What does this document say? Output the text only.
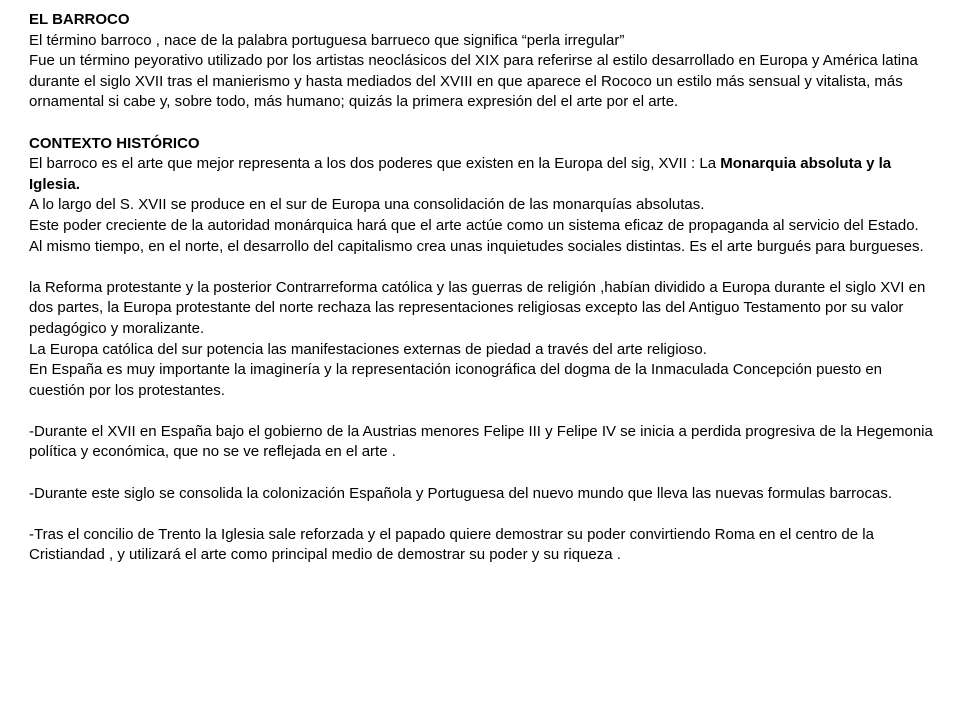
EL BARROCO

El término barroco , nace de la palabra portuguesa barrueco que significa “perla irregular”

Fue un término peyorativo utilizado por los artistas neoclásicos del XIX para referirse al estilo desarrollado en Europa y América latina durante el siglo XVII tras el manierismo y hasta mediados del XVIII en que aparece el Rococo un estilo más sensual y vitalista, más ornamental si cabe y, sobre todo, más humano; quizás la primera expresión del el arte por el arte.

CONTEXTO HISTÓRICO

El barroco es el arte que mejor representa a los dos poderes que existen en la Europa del sig, XVII : La Monarquia absoluta y la Iglesia.

A lo largo del S. XVII se produce en el sur de Europa una consolidación de las monarquías absolutas.

Este poder creciente de la autoridad monárquica hará que el arte actúe como un sistema eficaz de propaganda al servicio del Estado.

Al mismo tiempo, en el norte, el desarrollo del capitalismo crea unas inquietudes sociales distintas. Es el arte burgués para burgueses.

la Reforma protestante y la posterior Contrarreforma católica y las guerras de religión ,habían dividido a Europa durante el siglo XVI en dos partes, la Europa protestante del norte rechaza las representaciones religiosas excepto las del Antiguo Testamento por su valor pedagógico y moralizante.

La Europa católica del sur potencia las manifestaciones externas de piedad a través del arte religioso.

En España es muy importante la imaginería y la representación iconográfica del dogma de la Inmaculada Concepción puesto en cuestión por los protestantes.

-Durante el XVII en España bajo el gobierno de la Austrias menores Felipe III y Felipe IV se inicia a perdida progresiva de la Hegemonia política y económica, que no se ve reflejada en el arte .

-Durante este siglo se consolida la colonización Española y Portuguesa del nuevo mundo que lleva las nuevas formulas barrocas.

-Tras el concilio de Trento la Iglesia sale reforzada y el papado quiere demostrar su poder convirtiendo Roma en el centro de la Cristiandad , y utilizará el arte como principal medio de demostrar su poder y su riqueza .
